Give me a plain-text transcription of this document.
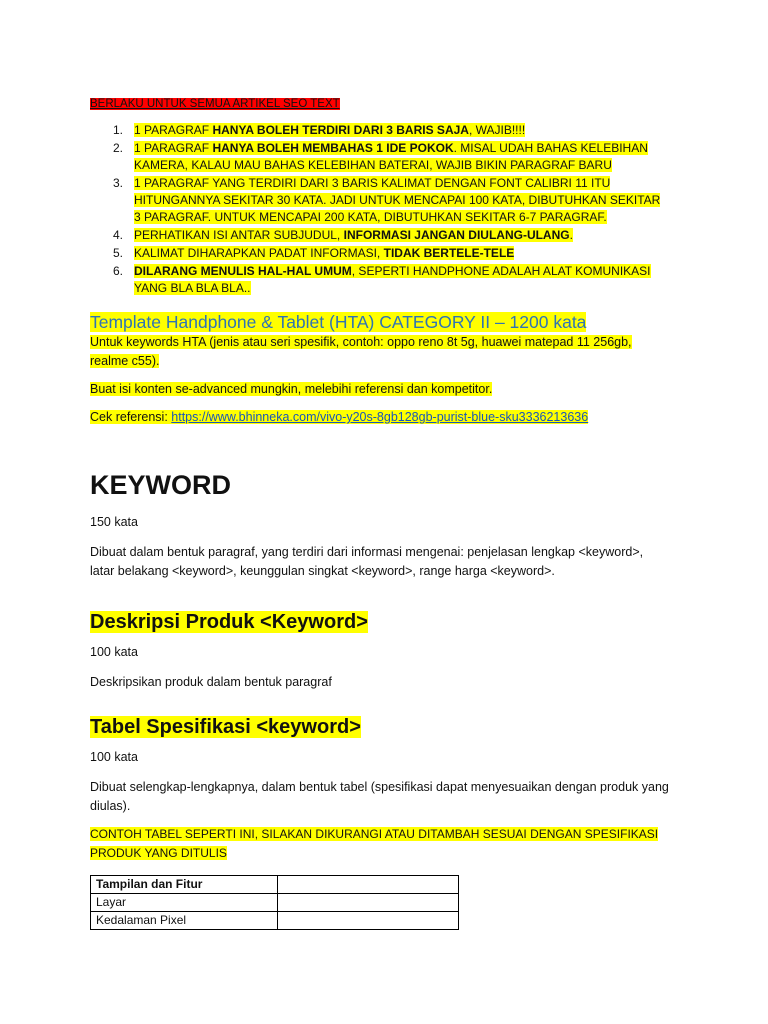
BERLAKU UNTUK SEMUA ARTIKEL SEO TEXT
1. 1 PARAGRAF HANYA BOLEH TERDIRI DARI 3 BARIS SAJA, WAJIB!!!!
2. 1 PARAGRAF HANYA BOLEH MEMBAHAS 1 IDE POKOK. MISAL UDAH BAHAS KELEBIHAN KAMERA, KALAU MAU BAHAS KELEBIHAN BATERAI, WAJIB BIKIN PARAGRAF BARU
3. 1 PARAGRAF YANG TERDIRI DARI 3 BARIS KALIMAT DENGAN FONT CALIBRI 11 ITU HITUNGANNYA SEKITAR 30 KATA. JADI UNTUK MENCAPAI 100 KATA, DIBUTUHKAN SEKITAR 3 PARAGRAF. UNTUK MENCAPAI 200 KATA, DIBUTUHKAN SEKITAR 6-7 PARAGRAF.
4. PERHATIKAN ISI ANTAR SUBJUDUL, INFORMASI JANGAN DIULANG-ULANG.
5. KALIMAT DIHARAPKAN PADAT INFORMASI, TIDAK BERTELE-TELE
6. DILARANG MENULIS HAL-HAL UMUM, SEPERTI HANDPHONE ADALAH ALAT KOMUNIKASI YANG BLA BLA BLA..
Template Handphone & Tablet (HTA) CATEGORY II – 1200 kata

Untuk keywords HTA (jenis atau seri spesifik, contoh: oppo reno 8t 5g, huawei matepad 11 256gb, realme c55).

Buat isi konten se-advanced mungkin, melebihi referensi dan kompetitor.

Cek referensi: https://www.bhinneka.com/vivo-y20s-8gb128gb-purist-blue-sku3336213636

KEYWORD

150 kata

Dibuat dalam bentuk paragraf, yang terdiri dari informasi mengenai: penjelasan lengkap <keyword>, latar belakang <keyword>, keunggulan singkat <keyword>, range harga <keyword>.

Deskripsi Produk <Keyword>

100 kata

Deskripsikan produk dalam bentuk paragraf

Tabel Spesifikasi <keyword>

100 kata

Dibuat selengkap-lengkapnya, dalam bentuk tabel (spesifikasi dapat menyesuaikan dengan produk yang diulas).

CONTOH TABEL SEPERTI INI, SILAKAN DIKURANGI ATAU DITAMBAH SESUAI DENGAN SPESIFIKASI PRODUK YANG DITULIS

Tampilan dan Fitur	
Layar	
Kedalaman Pixel	
